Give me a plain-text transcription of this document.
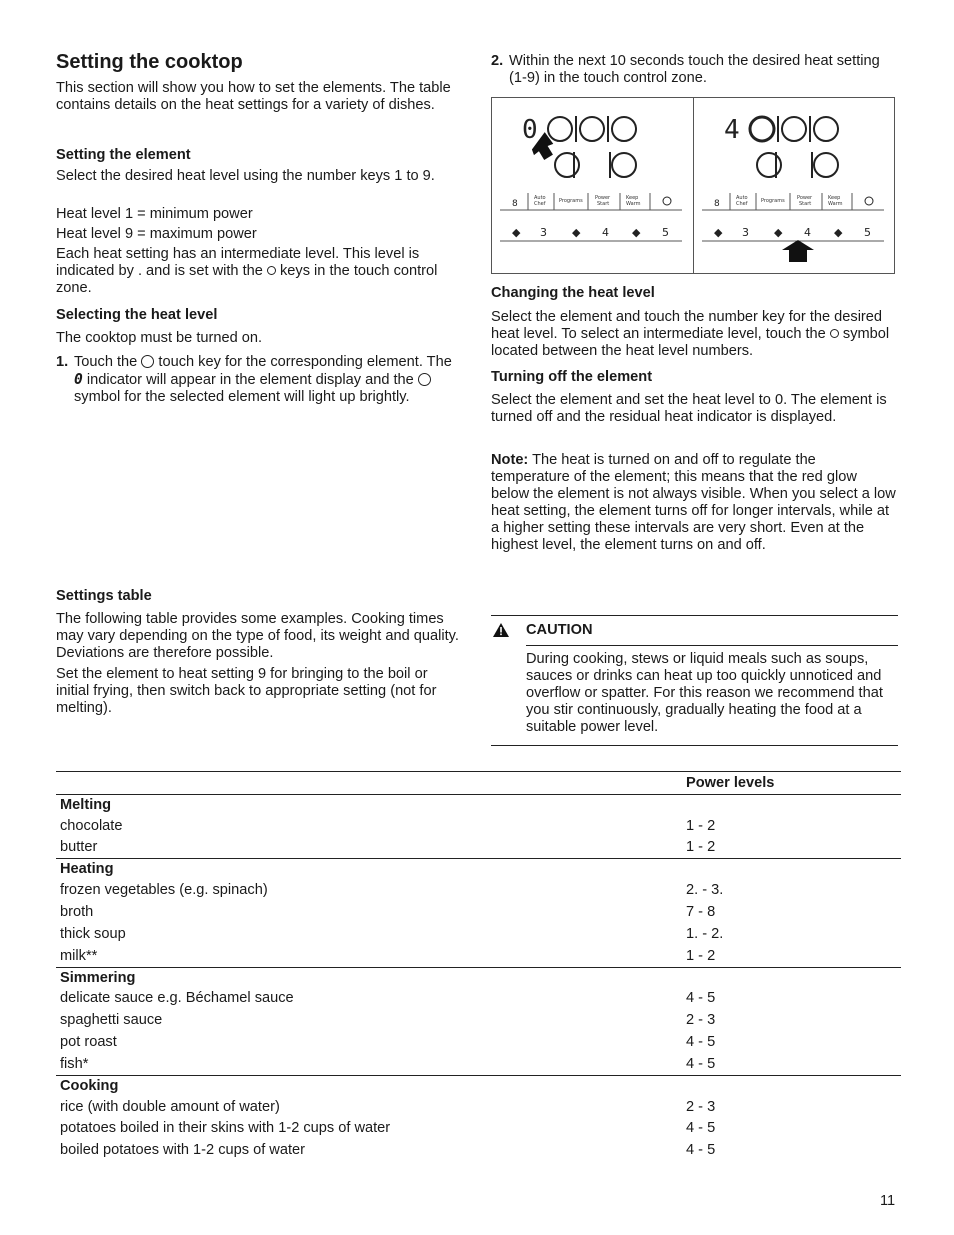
Setting the cooktop

This section will show you how to set the elements. The table contains details on the heat settings for a variety of dishes.

Setting the element

Select the desired heat level using the number keys 1 to 9.

Heat level 1 = minimum power

Heat level 9 = maximum power

Each heat setting has an intermediate level. This level is indicated by . and is set with the keys in the touch control zone.

Selecting the heat level

The cooktop must be turned on.

1. Touch the touch key for the corresponding element. The 0 indicator will appear in the element display and the  symbol for the selected element will light up brightly.

Settings table

The following table provides some examples. Cooking times may vary depending on the type of food, its weight and quality. Deviations are therefore possible.

Set the element to heat setting 9 for bringing to the boil or initial frying, then switch back to appropriate setting (not for melting).

2. Within the next 10 seconds touch the desired heat setting (1-9) in the touch control zone.

0
8
Auto
Chef	Programs Power
Start
Keep
Warm
◆ 3 ◆ 4 ◆ 5
4
8
Auto
Chef	Programs Power
Start
Keep
Warm
◆ 3 ◆ 4 ◆ 5
Changing the heat level

Select the element and touch the number key for the desired heat level. To select an intermediate level, touch the symbol located between the heat level numbers.

Turning off the element

Select the element and set the heat level to 0. The element is turned off and the residual heat indicator is displayed.

Note: The heat is turned on and off to regulate the temperature of the element; this means that the red glow below the element is not always visible. When you select a low heat setting, the element turns off for longer intervals, while at a higher setting these intervals are very short. Even at the highest level, the element turns on and off.

CAUTION

During cooking, stews or liquid meals such as soups, sauces or drinks can heat up too quickly unnoticed and overflow or spatter. For this reason we recommend that you stir continuously, gradually heating the food at a suitable power level.

	Power levels
Melting	
chocolate	1 - 2
butter	1 - 2
Heating	
frozen vegetables (e.g. spinach)	2. - 3.
broth	7 - 8
thick soup	1. - 2.
milk**	1 - 2
Simmering	
delicate sauce e.g. Béchamel sauce	4 - 5
spaghetti sauce	2 - 3
pot roast	4 - 5
fish*	4 - 5
Cooking	
rice (with double amount of water)	2 - 3
potatoes boiled in their skins with 1-2 cups of water	4 - 5
boiled potatoes with 1-2 cups of water	4 - 5
11
